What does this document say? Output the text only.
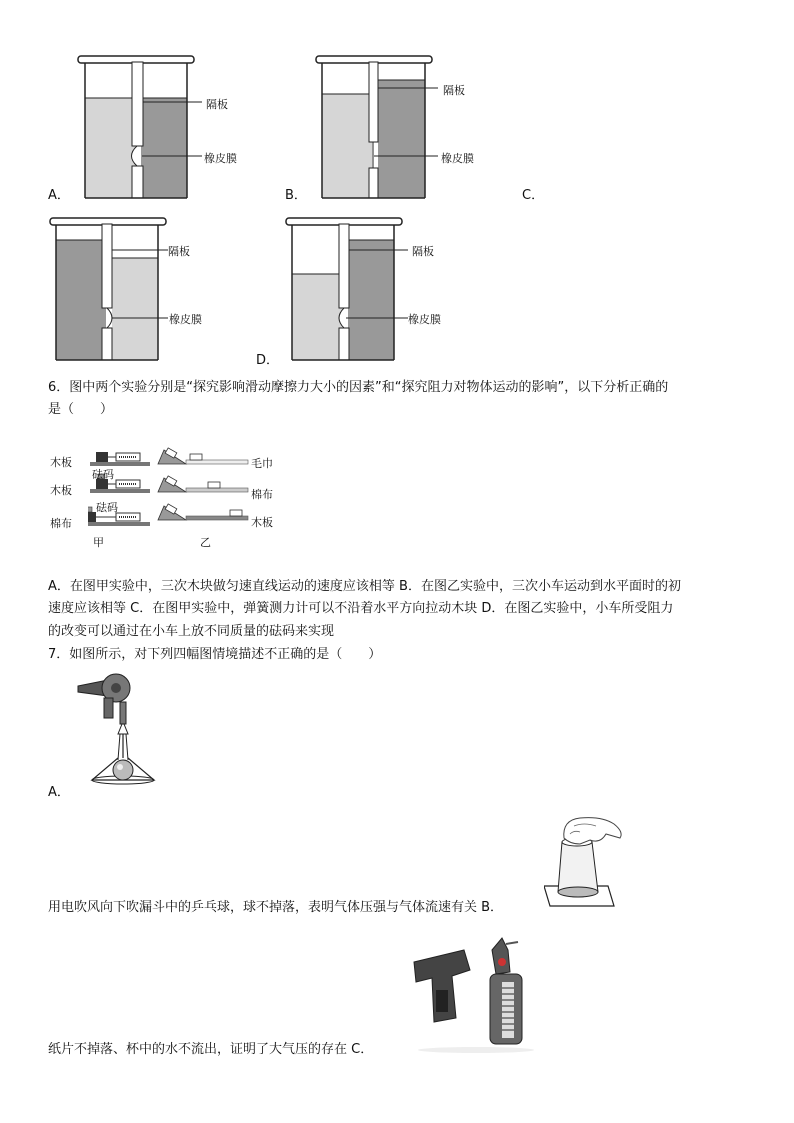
隔板
橡皮膜
A．
隔板
橡皮膜
B．	C．
隔板
橡皮膜
隔板
橡皮膜
D．
6．图中两个实验分别是“探究影响滑动摩擦力大小的因素”和“探究阻力对物体运动的影响”，以下分析正确的
是（　　）
木板
砝码
木板
砝码
棉布
甲
毛巾
棉布
木板
乙
A．在图甲实验中，三次木块做匀速直线运动的速度应该相等 B．在图乙实验中，三次小车运动到水平面时的初
速度应该相等 C．在图甲实验中，弹簧测力计可以不沿着水平方向拉动木块 D．在图乙实验中，小车所受阻力
的改变可以通过在小车上放不同质量的砝码来实现
7．如图所示，对下列四幅图情境描述不正确的是（　　）
A．
用电吹风向下吹漏斗中的乒乓球，球不掉落，表明气体压强与气体流速有关 B．
纸片不掉落、杯中的水不流出，证明了大气压的存在 C．
